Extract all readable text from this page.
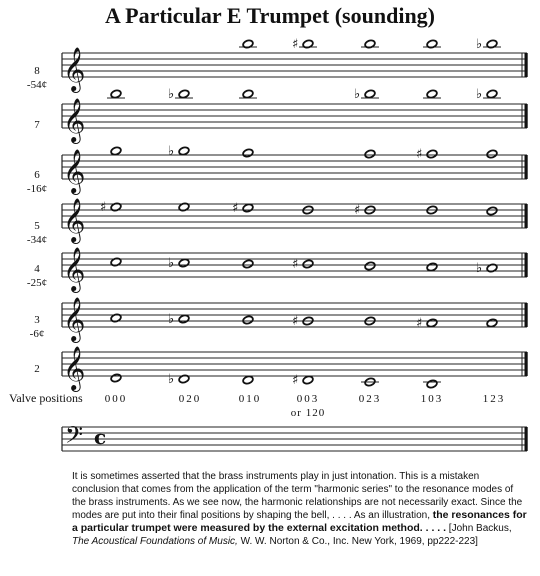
A Particular E Trumpet (sounding)
𝄞
𝄞
𝄞
𝄞
𝄞
𝄞
𝄞
𝄢 c
♯	♭
♭	♭	♭
♭	♯
♯	♯	♯
♭	♯	♭
♭	♯	♯
♭	♯
8
-54¢
7
6
-16¢
5
-34¢
4
-25¢
3
-6¢
2
Valve positions	000	020	010	003	023	103	123
or 120
It is sometimes asserted that the brass instruments play in just intonation. This is a mistaken conclusion that comes from the application of the term "harmonic series" to the resonance modes of the brass instruments. As we see now, the harmonic relationships are not necessarily exact. Since the modes are put into their final positions by shaping the bell, . . . . As an illustration, the resonances for a particular trumpet were measured by the external excitation method. . . . . [John Backus, The Acoustical Foundations of Music, W. W. Norton & Co., Inc. New York, 1969, pp222-223]
